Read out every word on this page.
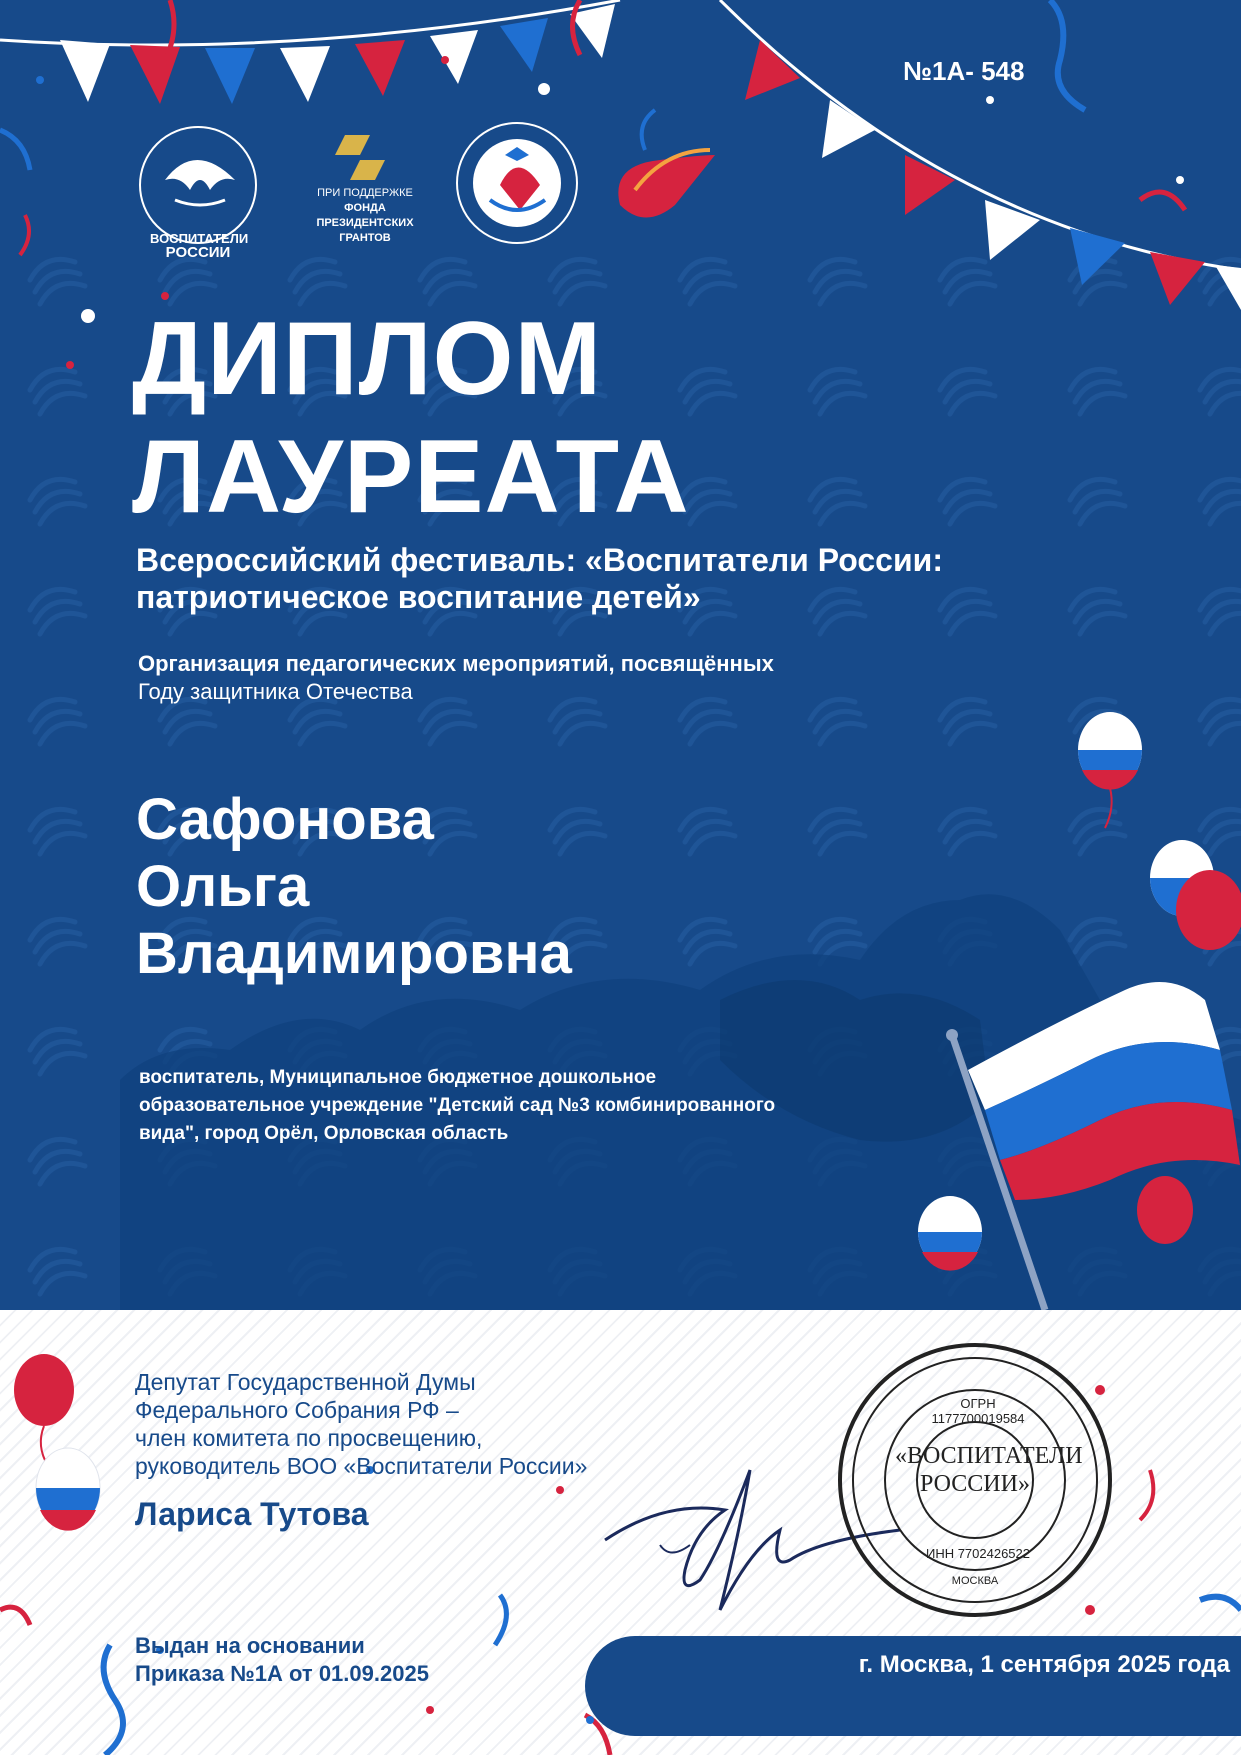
ВОСПИТАТЕЛИ
РОССИИ
ПРИ ПОДДЕРЖКЕ
ФОНДА
ПРЕЗИДЕНТСКИХ
ГРАНТОВ
№1А- 548
ДИПЛОМ
ЛАУРЕАТА
Всероссийский фестиваль: «Воспитатели России:
патриотическое воспитание детей»
Организация педагогических мероприятий, посвящённых
Году защитника Отечества
Сафонова
Ольга
Владимировна
воспитатель, Муниципальное бюджетное дошкольное
образовательное учреждение "Детский сад №3 комбинированного
вида", город Орёл, Орловская область
«ВОСПИТАТЕЛИ
РОССИИ»
ОГРН 1177700019584
ИНН 7702426522
МОСКВА
Депутат Государственной Думы
Федерального Собрания РФ –
член комитета по просвещению,
руководитель ВОО «Воспитатели России»
Лариса Тутова
Выдан на основании
Приказа №1А от 01.09.2025	г. Москва, 1 сентября 2025 года
